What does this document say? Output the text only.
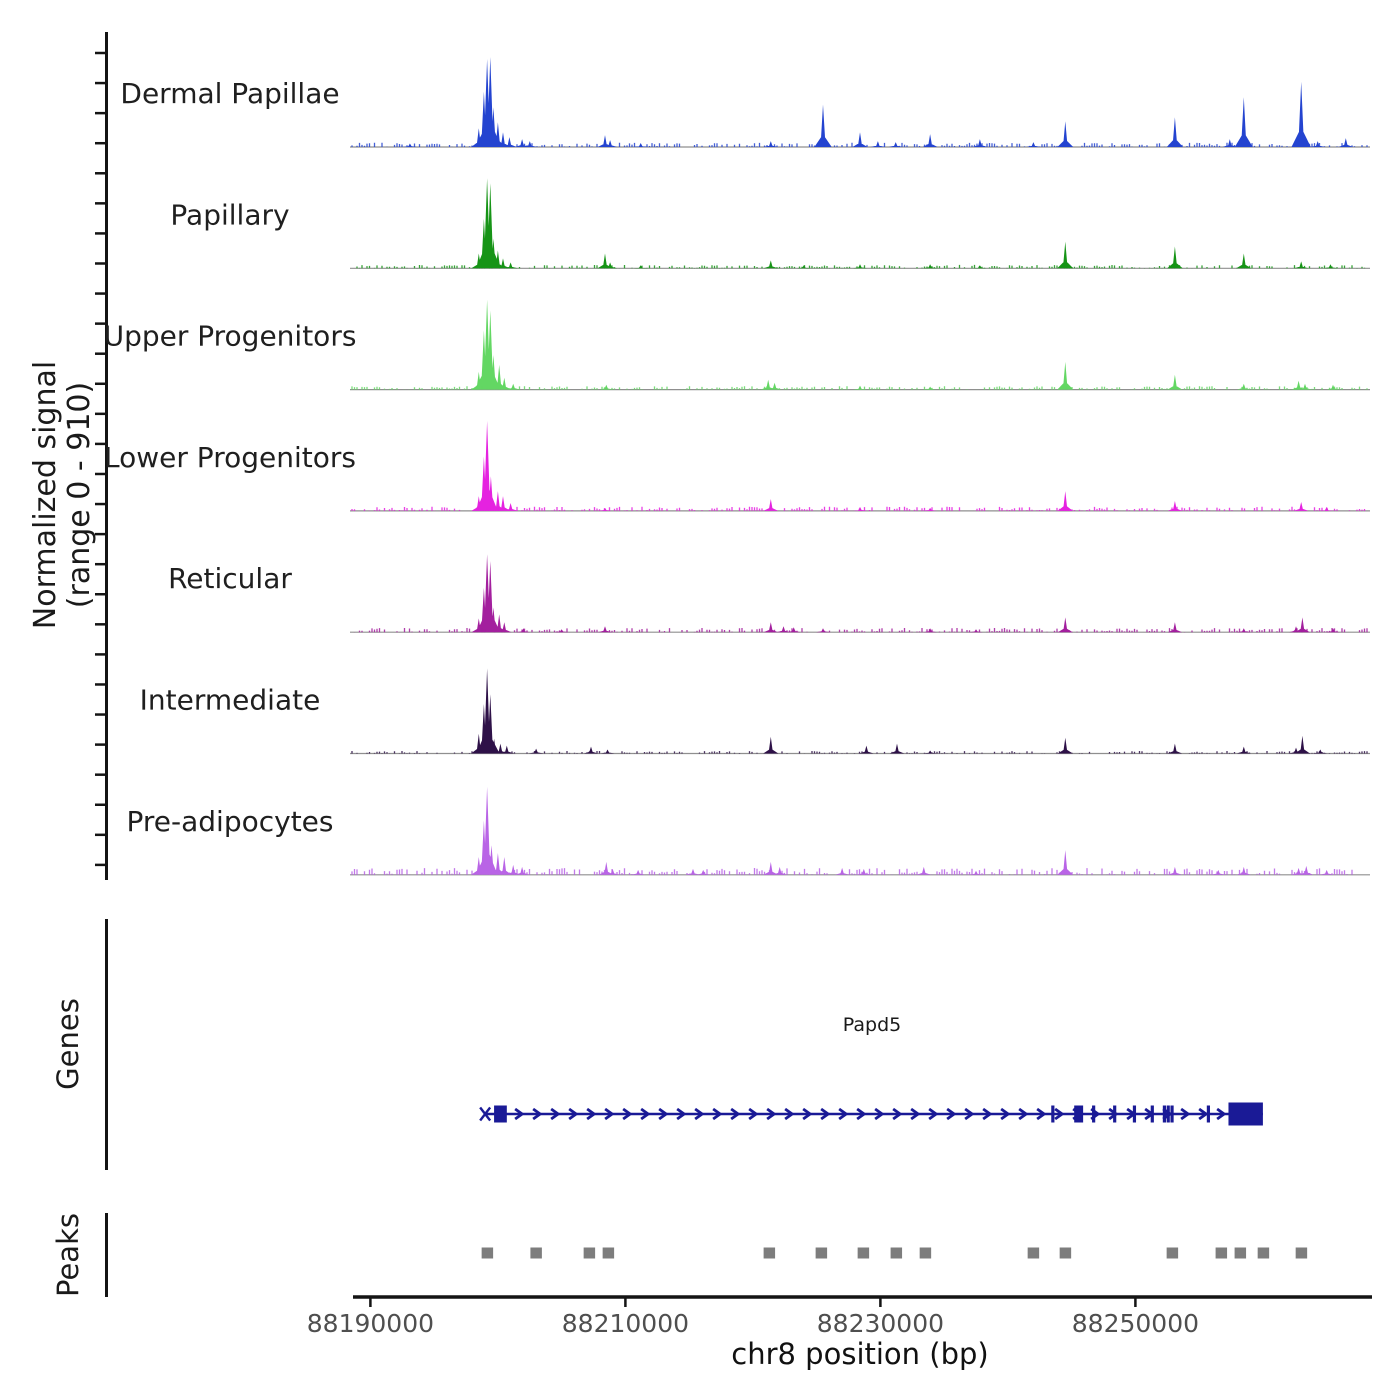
Normalized signal (range 0 - 910)
Dermal Papillae
Papillary
Upper Progenitors
Lower Progenitors
Reticular
Intermediate
Pre-adipocytes
Genes	Papd5
Peaks
88190000	88210000	88230000	88250000
chr8 position (bp)
